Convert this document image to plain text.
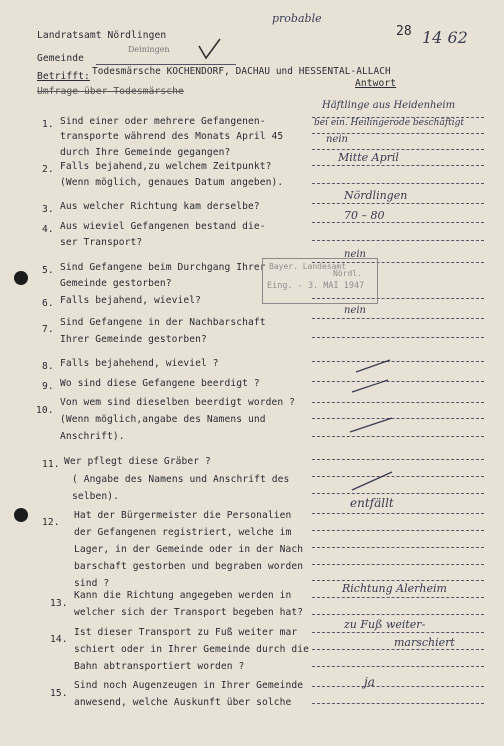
Landratsamt Nördlingen
probable
28 14 62
Gemeinde
Deiningen
Betrifft: Todesmärsche KOCHENDORF, DACHAU und HESSENTAL-ALLACH
Umfrage über Todesmärsche
Antwort
1. Sind einer oder mehrere Gefangenen-
transporte während des Monats April 45
durch Ihre Gemeinde gegangen?
2. Falls bejahend,zu welchem Zeitpunkt?
(Wenn möglich, genaues Datum angeben).
3. Aus welcher Richtung kam derselbe?
4. Aus wieviel Gefangenen bestand die-
ser Transport?
5. Sind Gefangene beim Durchgang Ihrer
Gemeinde gestorben?
6. Falls bejahend, wieviel?
7.
Sind Gefangene in der Nachbarschaft
Ihrer Gemeinde gestorben?
8. Falls bejahehend, wieviel ?
9. Wo sind diese Gefangene beerdigt ?
10.
Von wem sind dieselben beerdigt worden ?
(Wenn möglich,angabe des Namens und
Anschrift).
11. Wer pflegt diese Gräber ?
( Angabe des Namens und Anschrift des
selben).
12.
Hat der Bürgermeister die Personalien
der Gefangenen registriert, welche im
Lager, in der Gemeinde oder in der Nach
barschaft gestorben und begraben worden
sind ?
13.
Kann die Richtung angegeben werden in
welcher sich der Transport begeben hat?
14.
Ist dieser Transport zu Fuß weiter mar
schiert oder in Ihrer Gemeinde durch die
Bahn abtransportiert worden ?
15.
Sind noch Augenzeugen in Ihrer Gemeinde
anwesend, welche Auskunft über solche
Häftlinge aus Heidenheim
bei ein. Heilingerode beschäftigt
nein
Mitte April
Nördlingen
70 – 80
nein
nein
entfällt
Richtung Alerheim
zu Fuß weiter-
marschiert
ja
Bayer. Landesamt
Nördl.
Eing. - 3. MAI 1947
